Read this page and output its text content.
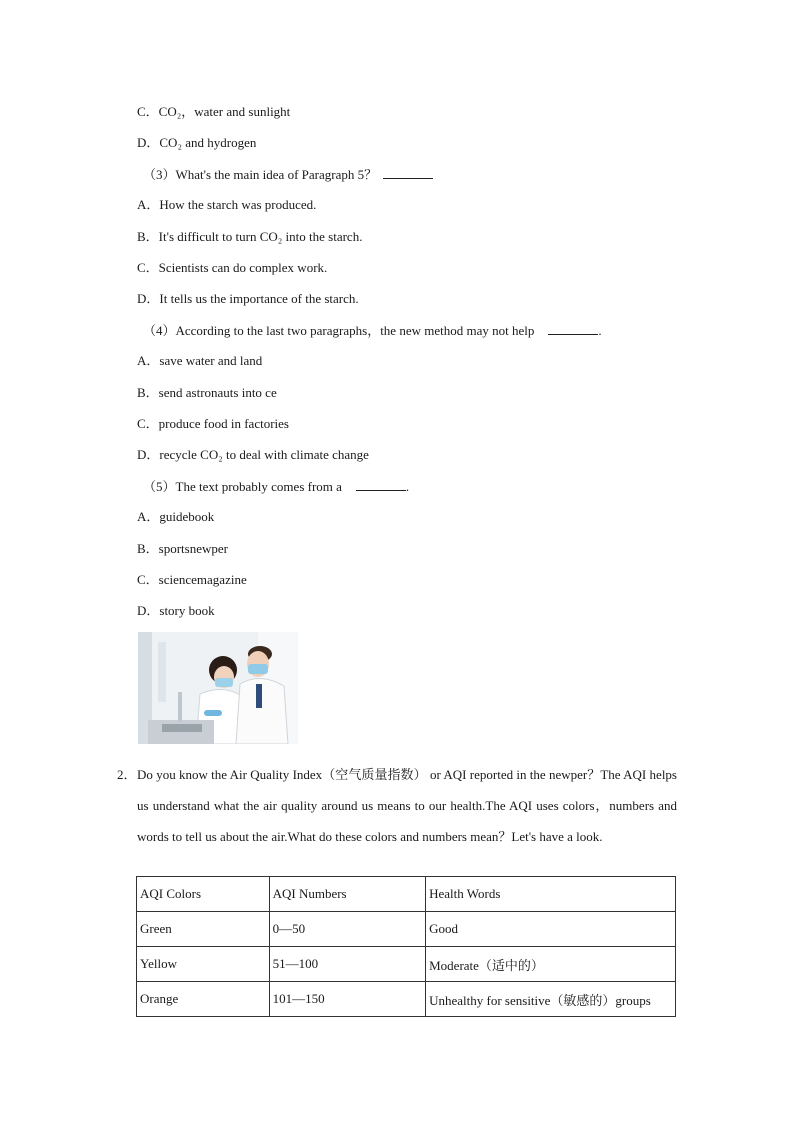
C．CO₂，water and sunlight
D．CO₂ and hydrogen
（3）What's the main idea of Paragraph 5？
A．How the starch was produced.
B．It's difficult to turn CO₂ into the starch.
C．Scientists can do complex work.
D．It tells us the importance of the starch.
（4）According to the last two paragraphs，the new method may not help	.
A．save water and land
B．send astronauts into ce
C．produce food in factories
D．recycle CO₂ to deal with climate change
（5）The text probably comes from a	.
A．guidebook
B．sportsnewper
C．sciencemagazine
D．story book
2． Do you know the Air Quality Index（空气质量指数） or AQI reported in the newper？The AQI helps us understand what the air quality around us means to our health.The AQI uses colors，numbers and words to tell us about the air.What do these colors and numbers mean？Let's have a look.
AQI Colors	AQI Numbers	Health Words
Green	0—50	Good
Yellow	51—100	Moderate（适中的）
Orange	101—150	Unhealthy for sensitive（敏感的）groups
